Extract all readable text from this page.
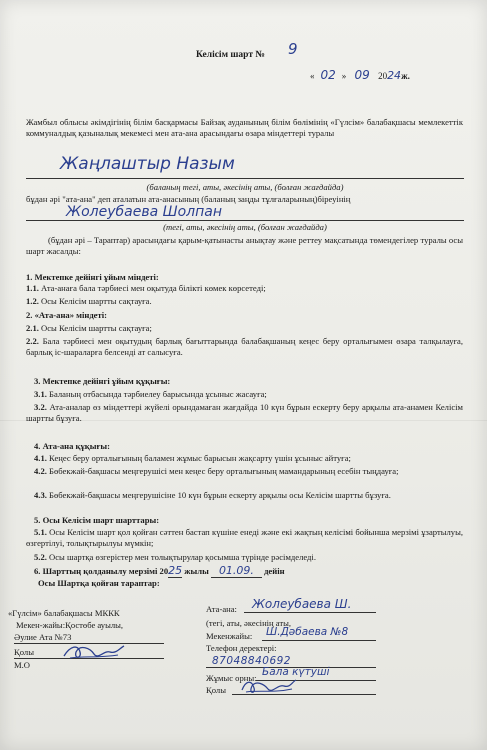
Келісім шарт № 9
« 02 » 09 2024ж.
Жамбыл облысы әкімдігінің білім басқармасы Байзақ ауданының білім бөлімінің «Гүлсім» балабақшасы мемлекеттік коммуналдық қазыналық мекемесі мен ата-ана арасындағы өзара міндеттері туралы
Жаңлаштыр Назым
(баланың тегі, аты, әкесінің аты, (болған жағдайда)
бұдан әрі "ата-ана" деп аталатын ата-анасының (баланың заңды тұлғаларының)біреуінің
Жолеубаева Шолпан
(тегі, аты, әкесінің аты, (болған жағдайда)
(бұдан әрі – Тараптар) арасындағы қарым-қатынасты анықтау және реттеу мақсатында төмендегілер туралы осы шарт жасалды:
1. Мектепке дейінгі ұйым міндеті:
1.1. Ата-анаға бала тәрбиесі мен оқытуда білікті көмек көрсетеді;
1.2. Осы Келісім шартты сақтауға.
2. «Ата-ана» міндеті:
2.1. Осы Келісім шартты сақтауға;
2.2. Бала тәрбиесі мен оқытудың барлық бағыттарында балабақшаның кеңес беру орталығымен өзара талқылауға, барлық іс-шараларға белсенді ат салысуға.
3. Мектепке дейінгі ұйым құқығы:
3.1. Баланың отбасында тәрбиелеу барысында ұсыныс жасауға;
3.2. Ата-аналар өз міндеттері жүйелі орындамаған жағдайда 10 күн бұрын ескерту беру арқылы ата-анамен Келісім шартты бұзуға.
4. Ата-ана құқығы:
4.1. Кеңес беру орталығының баламен жұмыс барысын жақсарту үшін ұсыныс айтуға;
4.2. Бөбекжай-бақшасы меңгерушісі мен кеңес беру орталығының мамандарының есебін тыңдауға;
4.3. Бөбекжай-бақшасы меңгерушісіне 10 күн бұрын ескерту арқылы осы Келісім шартты бұзуға.
5. Осы Келісім шарт шарттары:
5.1. Осы Келісім шарт қол қойған сәттен бастап күшіне енеді және екі жақтың келісімі бойынша мерзімі ұзартылуы, өзгертілуі, толықтырылуы мүмкін;
5.2. Осы шартқа өзгерістер мен толықтырулар қосымша түрінде рәсімделеді.
6. Шарттың қолданылу мерзімі 2025 жылы 01.09. дейін
Осы Шартқа қойған тараптар:
«Гүлсім» балабақшасы МККК
Мекен-жайы:Қостөбе ауылы,
Әулие Ата №73
Қолы
М.О
Ата-ана: Жолеубаева Ш.
(тегі, аты, әкесінің аты,
Мекенжайы: Ш.Дәбаева №8
Телефон деректері:
87048840692
Жұмыс орны: Бала күтуші
Қолы
